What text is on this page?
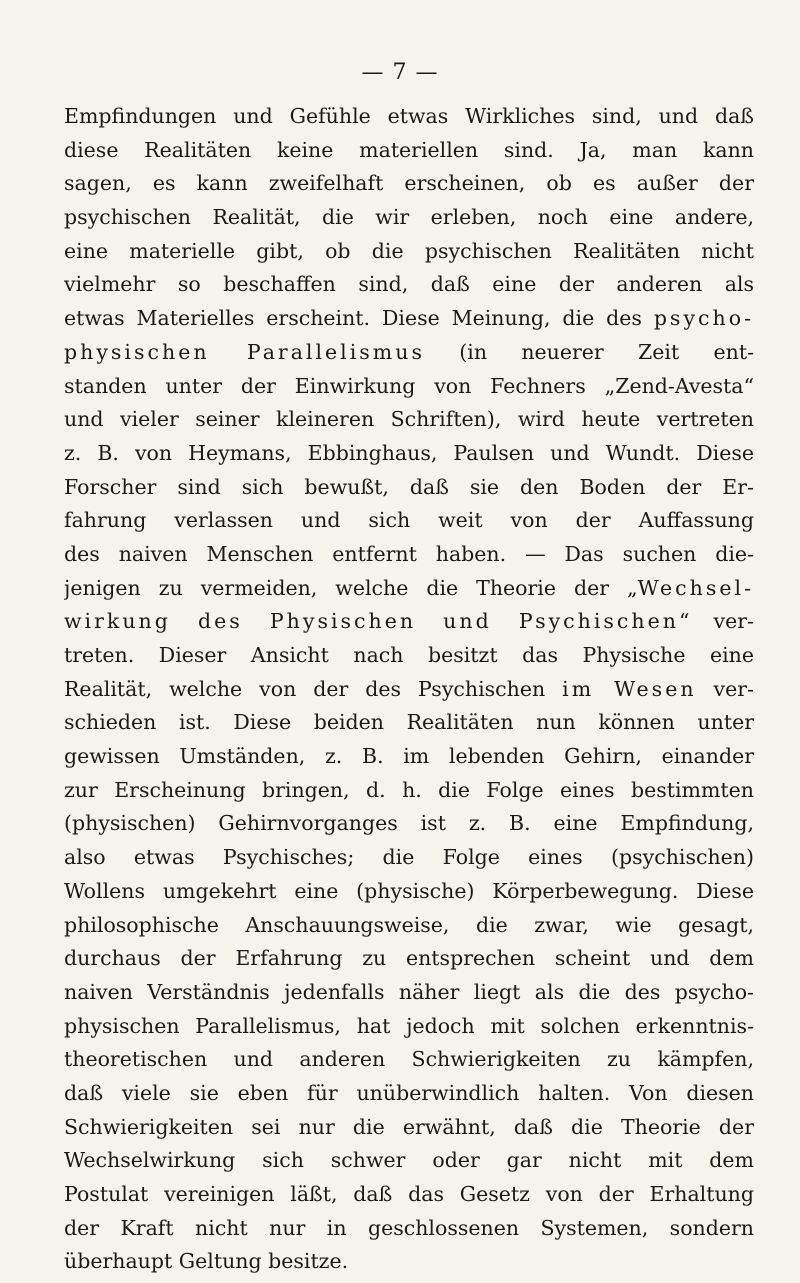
— 7 —
Empfindungen und Gefühle etwas Wirkliches sind, und daß
diese Realitäten keine materiellen sind. Ja, man kann
sagen, es kann zweifelhaft erscheinen, ob es außer der
psychischen Realität, die wir erleben, noch eine andere,
eine materielle gibt, ob die psychischen Realitäten nicht
vielmehr so beschaffen sind, daß eine der anderen als
etwas Materielles erscheint. Diese Meinung, die des psycho-
physischen Parallelismus (in neuerer Zeit ent-
standen unter der Einwirkung von Fechners „Zend-Avesta“
und vieler seiner kleineren Schriften), wird heute vertreten
z. B. von Heymans, Ebbinghaus, Paulsen und Wundt. Diese
Forscher sind sich bewußt, daß sie den Boden der Er-
fahrung verlassen und sich weit von der Auffassung
des naiven Menschen entfernt haben. — Das suchen die-
jenigen zu vermeiden, welche die Theorie der „Wechsel-
wirkung des Physischen und Psychischen“ ver-
treten. Dieser Ansicht nach besitzt das Physische eine
Realität, welche von der des Psychischen im Wesen ver-
schieden ist. Diese beiden Realitäten nun können unter
gewissen Umständen, z. B. im lebenden Gehirn, einander
zur Erscheinung bringen, d. h. die Folge eines bestimmten
(physischen) Gehirnvorganges ist z. B. eine Empfindung,
also etwas Psychisches; die Folge eines (psychischen)
Wollens umgekehrt eine (physische) Körperbewegung. Diese
philosophische Anschauungsweise, die zwar, wie gesagt,
durchaus der Erfahrung zu entsprechen scheint und dem
naiven Verständnis jedenfalls näher liegt als die des psycho-
physischen Parallelismus, hat jedoch mit solchen erkenntnis-
theoretischen und anderen Schwierigkeiten zu kämpfen,
daß viele sie eben für unüberwindlich halten. Von diesen
Schwierigkeiten sei nur die erwähnt, daß die Theorie der
Wechselwirkung sich schwer oder gar nicht mit dem
Postulat vereinigen läßt, daß das Gesetz von der Erhaltung
der Kraft nicht nur in geschlossenen Systemen, sondern
überhaupt Geltung besitze.
